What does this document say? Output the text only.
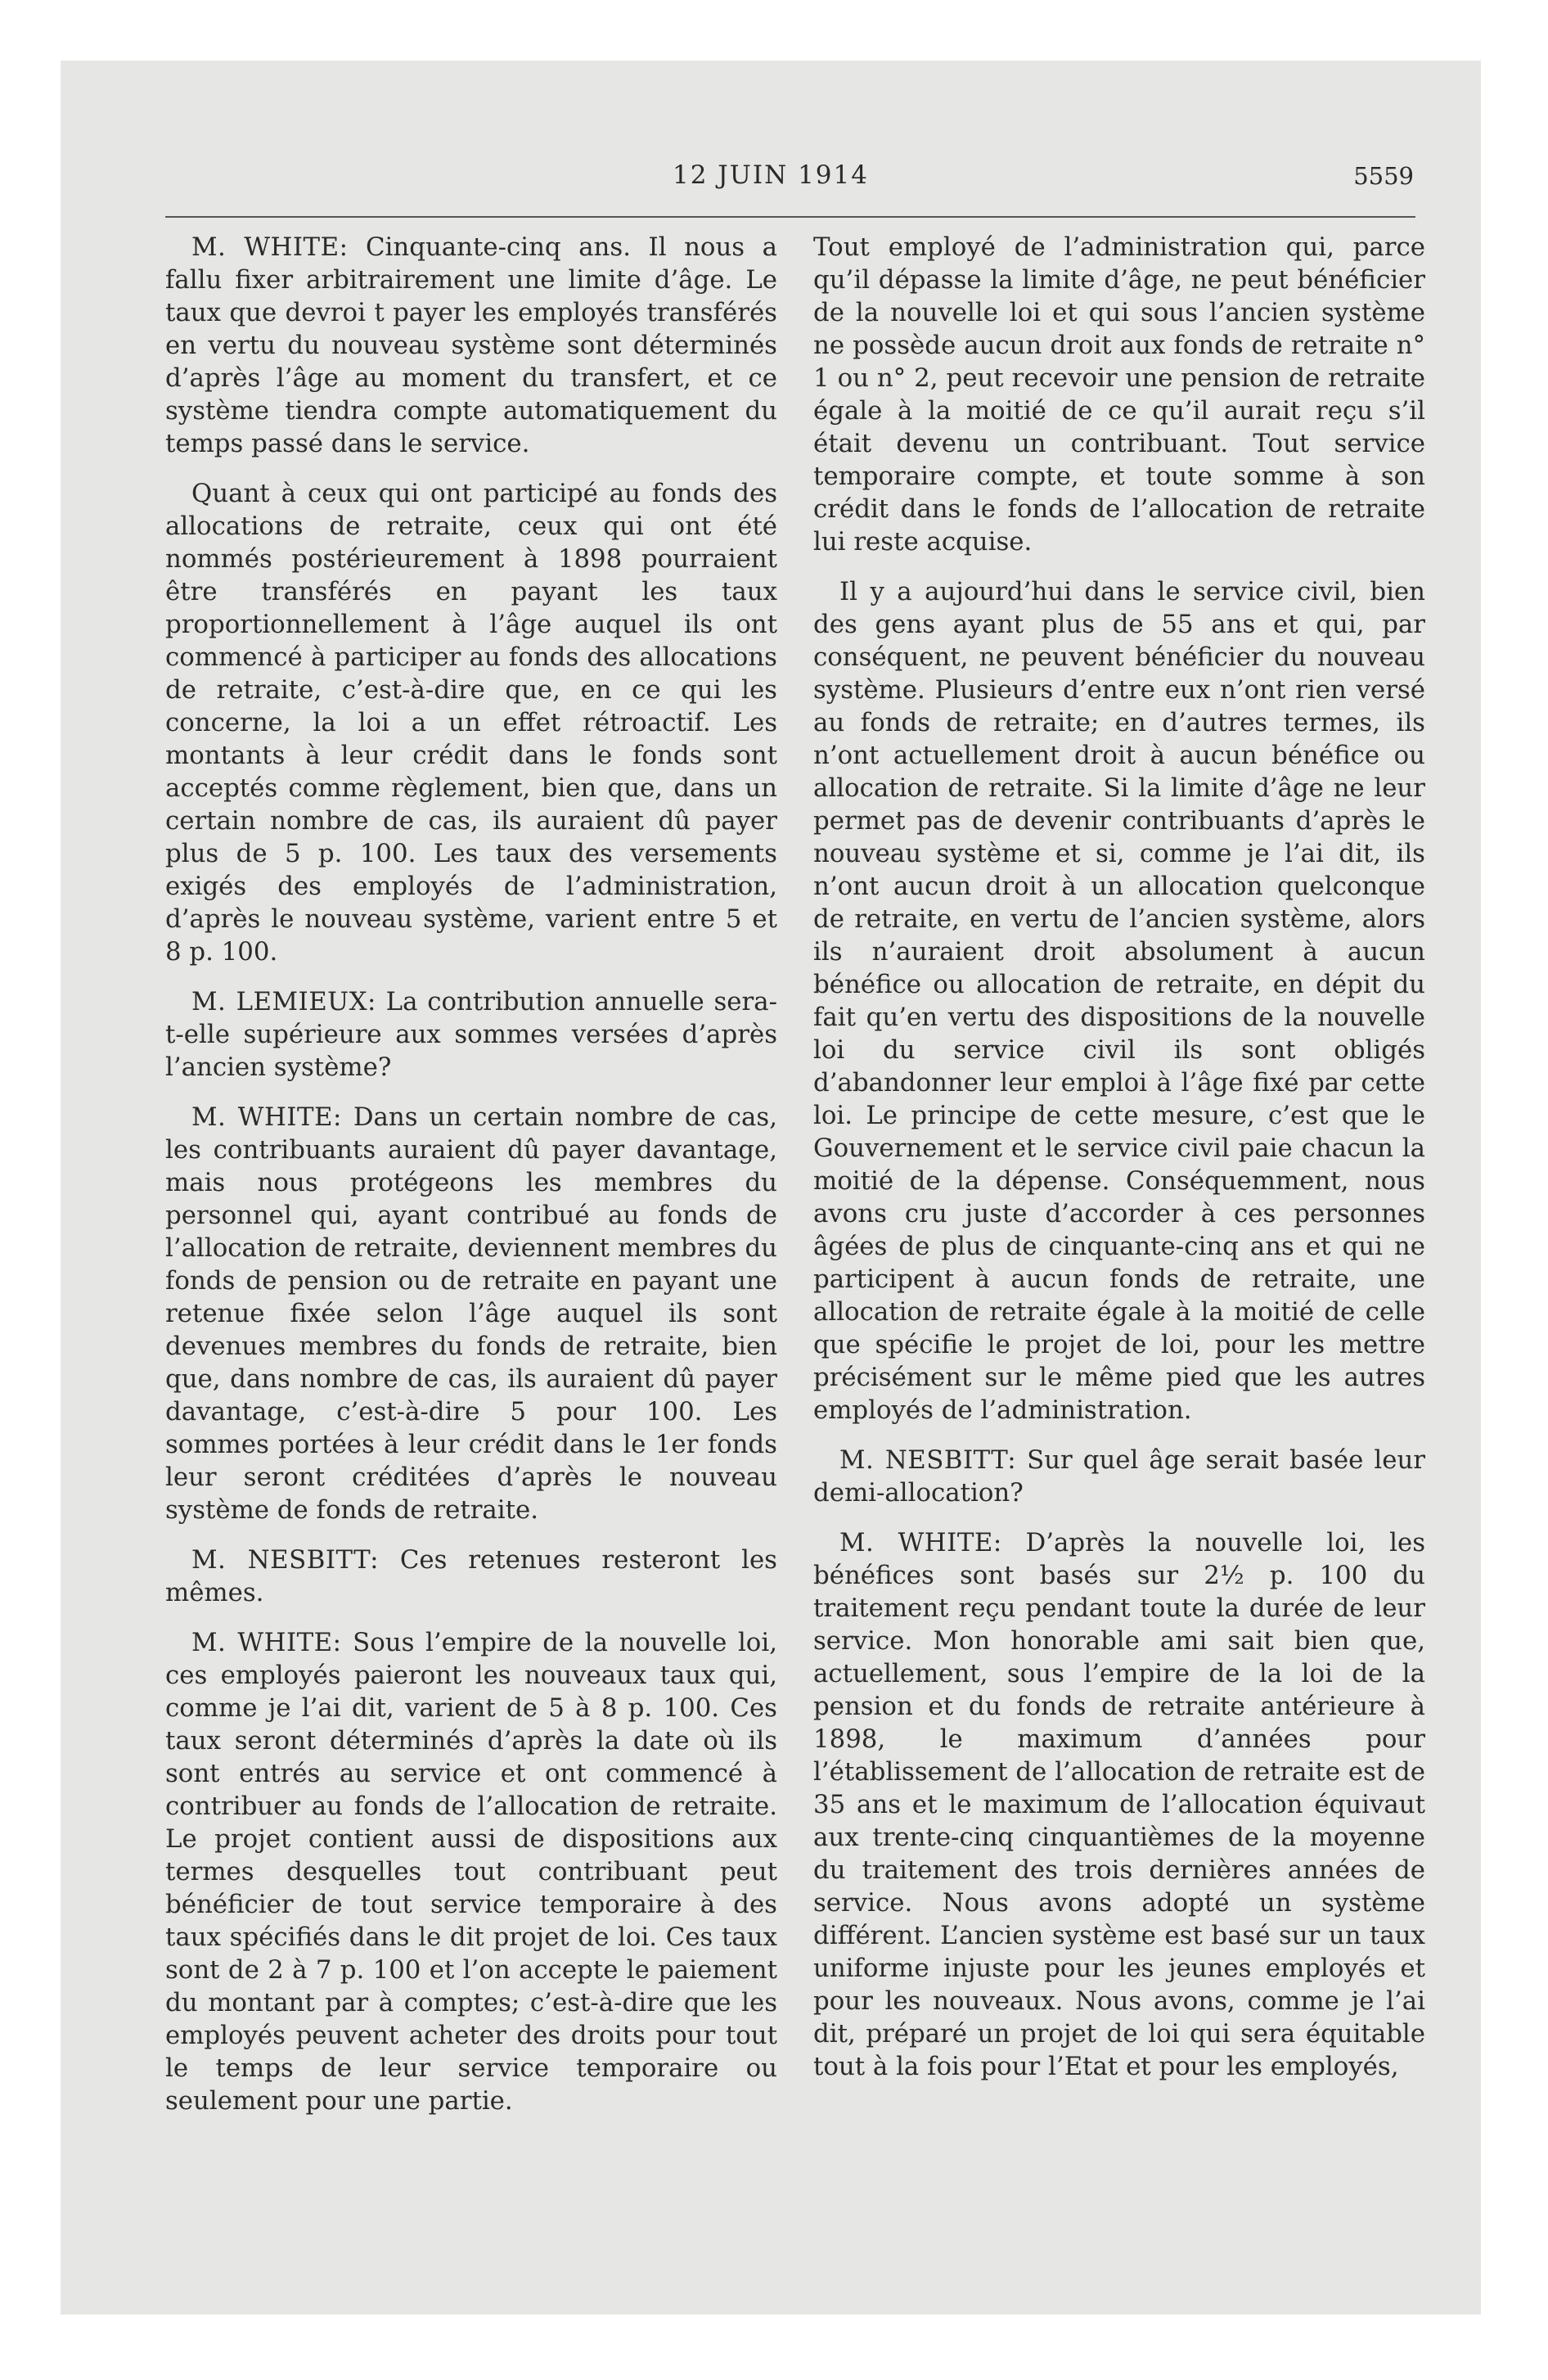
12 JUIN 1914	5559

M. WHITE: Cinquante-cinq ans. Il nous a fallu fixer arbitrairement une limite d’âge. Le taux que devroi t payer les employés transférés en vertu du nouveau système sont déterminés d’après l’âge au moment du transfert, et ce système tiendra compte automatiquement du temps passé dans le service.

Quant à ceux qui ont participé au fonds des allocations de retraite, ceux qui ont été nommés postérieurement à 1898 pourraient être transférés en payant les taux proportionnellement à l’âge auquel ils ont commencé à participer au fonds des allocations de retraite, c’est-à-dire que, en ce qui les concerne, la loi a un effet rétroactif. Les montants à leur crédit dans le fonds sont acceptés comme règlement, bien que, dans un certain nombre de cas, ils auraient dû payer plus de 5 p. 100. Les taux des versements exigés des employés de l’administration, d’après le nouveau système, varient entre 5 et 8 p. 100.

M. LEMIEUX: La contribution annuelle sera-t-elle supérieure aux sommes versées d’après l’ancien système?

M. WHITE: Dans un certain nombre de cas, les contribuants auraient dû payer davantage, mais nous protégeons les membres du personnel qui, ayant contribué au fonds de l’allocation de retraite, deviennent membres du fonds de pension ou de retraite en payant une retenue fixée selon l’âge auquel ils sont devenues membres du fonds de retraite, bien que, dans nombre de cas, ils auraient dû payer davantage, c’est-à-dire 5 pour 100. Les sommes portées à leur crédit dans le 1er fonds leur seront créditées d’après le nouveau système de fonds de retraite.

M. NESBITT: Ces retenues resteront les mêmes.

M. WHITE: Sous l’empire de la nouvelle loi, ces employés paieront les nouveaux taux qui, comme je l’ai dit, varient de 5 à 8 p. 100. Ces taux seront déterminés d’après la date où ils sont entrés au service et ont commencé à contribuer au fonds de l’allocation de retraite. Le projet contient aussi de dispositions aux termes desquelles tout contribuant peut bénéficier de tout service temporaire à des taux spécifiés dans le dit projet de loi. Ces taux sont de 2 à 7 p. 100 et l’on accepte le paiement du montant par à comptes; c’est-à-dire que les employés peuvent acheter des droits pour tout le temps de leur service temporaire ou seulement pour une partie.

Tout employé de l’administration qui, parce qu’il dépasse la limite d’âge, ne peut bénéficier de la nouvelle loi et qui sous l’ancien système ne possède aucun droit aux fonds de retraite n° 1 ou n° 2, peut recevoir une pension de retraite égale à la moitié de ce qu’il aurait reçu s’il était devenu un contribuant. Tout service temporaire compte, et toute somme à son crédit dans le fonds de l’allocation de retraite lui reste acquise.

Il y a aujourd’hui dans le service civil, bien des gens ayant plus de 55 ans et qui, par conséquent, ne peuvent bénéficier du nouveau système. Plusieurs d’entre eux n’ont rien versé au fonds de retraite; en d’autres termes, ils n’ont actuellement droit à aucun bénéfice ou allocation de retraite. Si la limite d’âge ne leur permet pas de devenir contribuants d’après le nouveau système et si, comme je l’ai dit, ils n’ont aucun droit à un allocation quelconque de retraite, en vertu de l’ancien système, alors ils n’auraient droit absolument à aucun bénéfice ou allocation de retraite, en dépit du fait qu’en vertu des dispositions de la nouvelle loi du service civil ils sont obligés d’abandonner leur emploi à l’âge fixé par cette loi. Le principe de cette mesure, c’est que le Gouvernement et le service civil paie chacun la moitié de la dépense. Conséquemment, nous avons cru juste d’accorder à ces personnes âgées de plus de cinquante-cinq ans et qui ne participent à aucun fonds de retraite, une allocation de retraite égale à la moitié de celle que spécifie le projet de loi, pour les mettre précisément sur le même pied que les autres employés de l’administration.

M. NESBITT: Sur quel âge serait basée leur demi-allocation?

M. WHITE: D’après la nouvelle loi, les bénéfices sont basés sur 2½ p. 100 du traitement reçu pendant toute la durée de leur service. Mon honorable ami sait bien que, actuellement, sous l’empire de la loi de la pension et du fonds de retraite antérieure à 1898, le maximum d’années pour l’établissement de l’allocation de retraite est de 35 ans et le maximum de l’allocation équivaut aux trente-cinq cinquantièmes de la moyenne du traitement des trois dernières années de service. Nous avons adopté un système différent. L’ancien système est basé sur un taux uniforme injuste pour les jeunes employés et pour les nouveaux. Nous avons, comme je l’ai dit, préparé un projet de loi qui sera équitable tout à la fois pour l’Etat et pour les employés,
